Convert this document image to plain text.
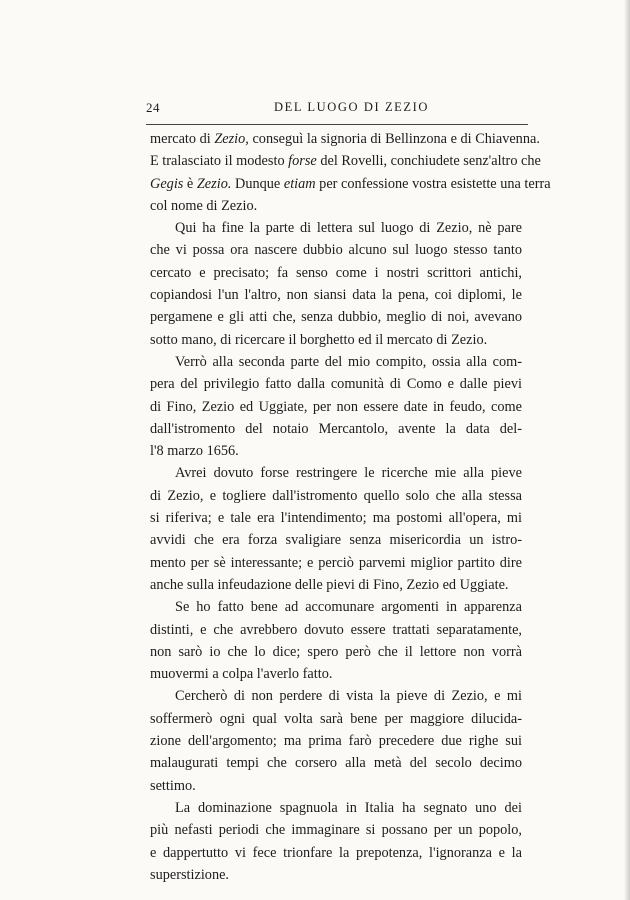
24	DEL LUOGO DI ZEZIO
mercato di Zezio, conseguì la signoria di Bellinzona e di Chiavenna.
E tralasciato il modesto forse del Rovelli, conchiudete senz'altro che
Gegis è Zezio. Dunque etiam per confessione vostra esistette una terra
col nome di Zezio.
Qui ha fine la parte di lettera sul luogo di Zezio, nè pare
che vi possa ora nascere dubbio alcuno sul luogo stesso tanto
cercato e precisato; fa senso come i nostri scrittori antichi,
copiandosi l'un l'altro, non siansi data la pena, coi diplomi, le
pergamene e gli atti che, senza dubbio, meglio di noi, avevano
sotto mano, di ricercare il borghetto ed il mercato di Zezio.
Verrò alla seconda parte del mio compito, ossia alla com-
pera del privilegio fatto dalla comunità di Como e dalle pievi
di Fino, Zezio ed Uggiate, per non essere date in feudo, come
dall'istromento del notaio Mercantolo, avente la data del-
l'8 marzo 1656.
Avrei dovuto forse restringere le ricerche mie alla pieve
di Zezio, e togliere dall'istromento quello solo che alla stessa
si riferiva; e tale era l'intendimento; ma postomi all'opera, mi
avvidi che era forza svaligiare senza misericordia un istro-
mento per sè interessante; e perciò parvemi miglior partito dire
anche sulla infeudazione delle pievi di Fino, Zezio ed Uggiate.
Se ho fatto bene ad accomunare argomenti in apparenza
distinti, e che avrebbero dovuto essere trattati separatamente,
non sarò io che lo dice; spero però che il lettore non vorrà
muovermi a colpa l'averlo fatto.
Cercherò di non perdere di vista la pieve di Zezio, e mi
soffermerò ogni qual volta sarà bene per maggiore dilucida-
zione dell'argomento; ma prima farò precedere due righe sui
malaugurati tempi che corsero alla metà del secolo decimo
settimo.
La dominazione spagnuola in Italia ha segnato uno dei
più nefasti periodi che immaginare si possano per un popolo,
e dappertutto vi fece trionfare la prepotenza, l'ignoranza e la
superstizione.
